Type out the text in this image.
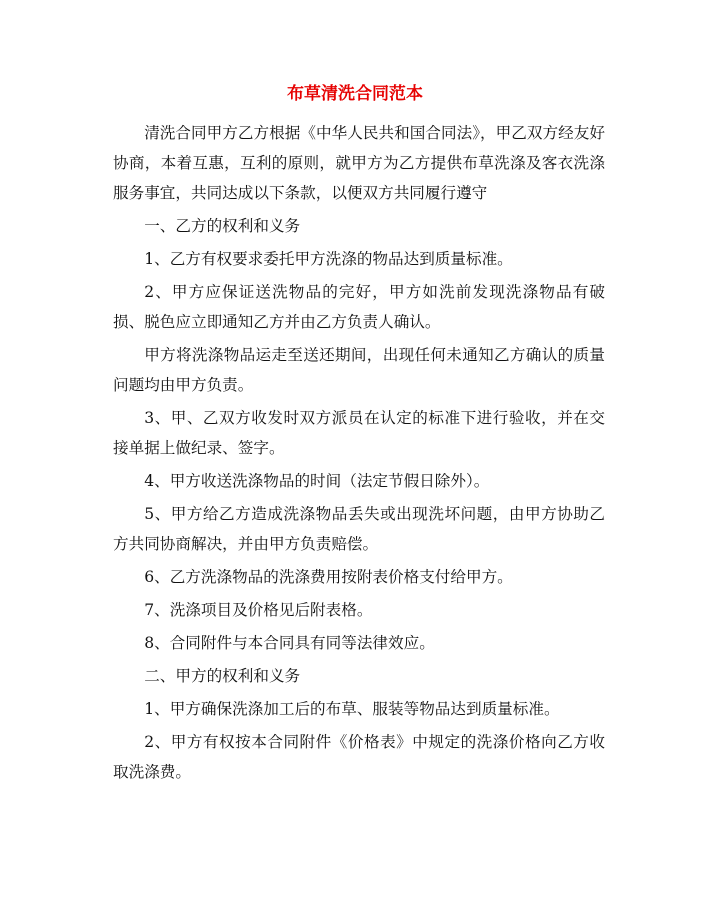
布草清洗合同范本

清洗合同甲方乙方根据《中华人民共和国合同法》，甲乙双方经友好协商，本着互惠，互利的原则，就甲方为乙方提供布草洗涤及客衣洗涤服务事宜，共同达成以下条款，以便双方共同履行遵守

一、乙方的权利和义务

1、乙方有权要求委托甲方洗涤的物品达到质量标准。

2、甲方应保证送洗物品的完好，甲方如洗前发现洗涤物品有破损、脱色应立即通知乙方并由乙方负责人确认。

甲方将洗涤物品运走至送还期间，出现任何未通知乙方确认的质量问题均由甲方负责。

3、甲、乙双方收发时双方派员在认定的标准下进行验收，并在交接单据上做纪录、签字。

4、甲方收送洗涤物品的时间（法定节假日除外）。

5、甲方给乙方造成洗涤物品丢失或出现洗坏问题，由甲方协助乙方共同协商解决，并由甲方负责赔偿。

6、乙方洗涤物品的洗涤费用按附表价格支付给甲方。

7、洗涤项目及价格见后附表格。

8、合同附件与本合同具有同等法律效应。

二、甲方的权利和义务

1、甲方确保洗涤加工后的布草、服装等物品达到质量标准。

2、甲方有权按本合同附件《价格表》中规定的洗涤价格向乙方收取洗涤费。
